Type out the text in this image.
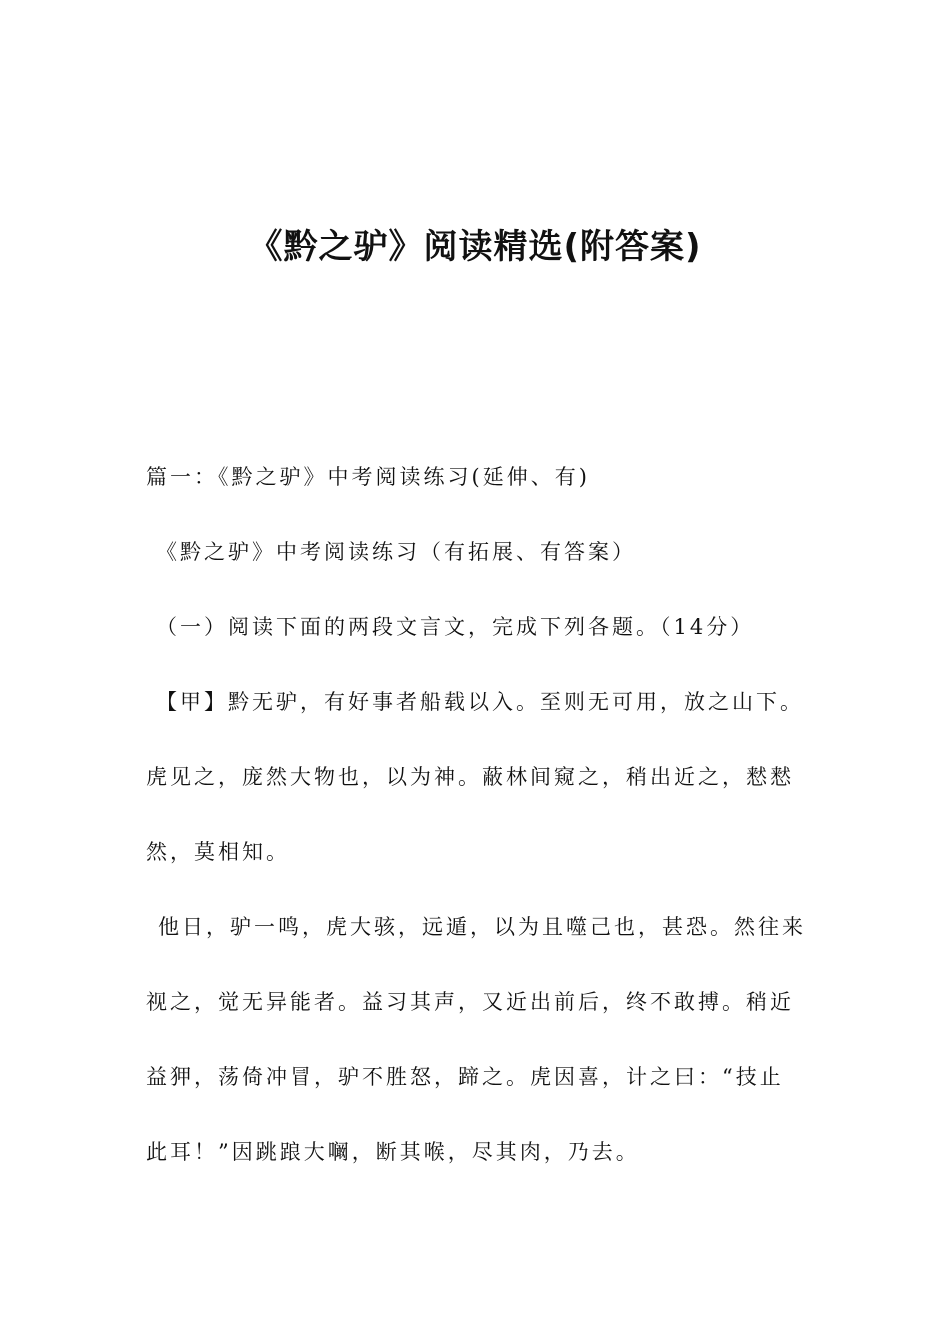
《黔之驴》阅读精选(附答案)
篇一：《黔之驴》中考阅读练习(延伸、有)
《黔之驴》中考阅读练习（有拓展、有答案）
（一）阅读下面的两段文言文，完成下列各题。（14分）
【甲】黔无驴，有好事者船载以入。至则无可用，放之山下。
虎见之，庞然大物也，以为神。蔽林间窥之，稍出近之，慭慭
然，莫相知。
他日，驴一鸣，虎大骇，远遁，以为且噬己也，甚恐。然往来
视之，觉无异能者。益习其声，又近出前后，终不敢搏。稍近
益狎，荡倚冲冒，驴不胜怒，蹄之。虎因喜，计之曰：“技止
此耳！”因跳踉大㘎，断其喉，尽其肉，乃去。
